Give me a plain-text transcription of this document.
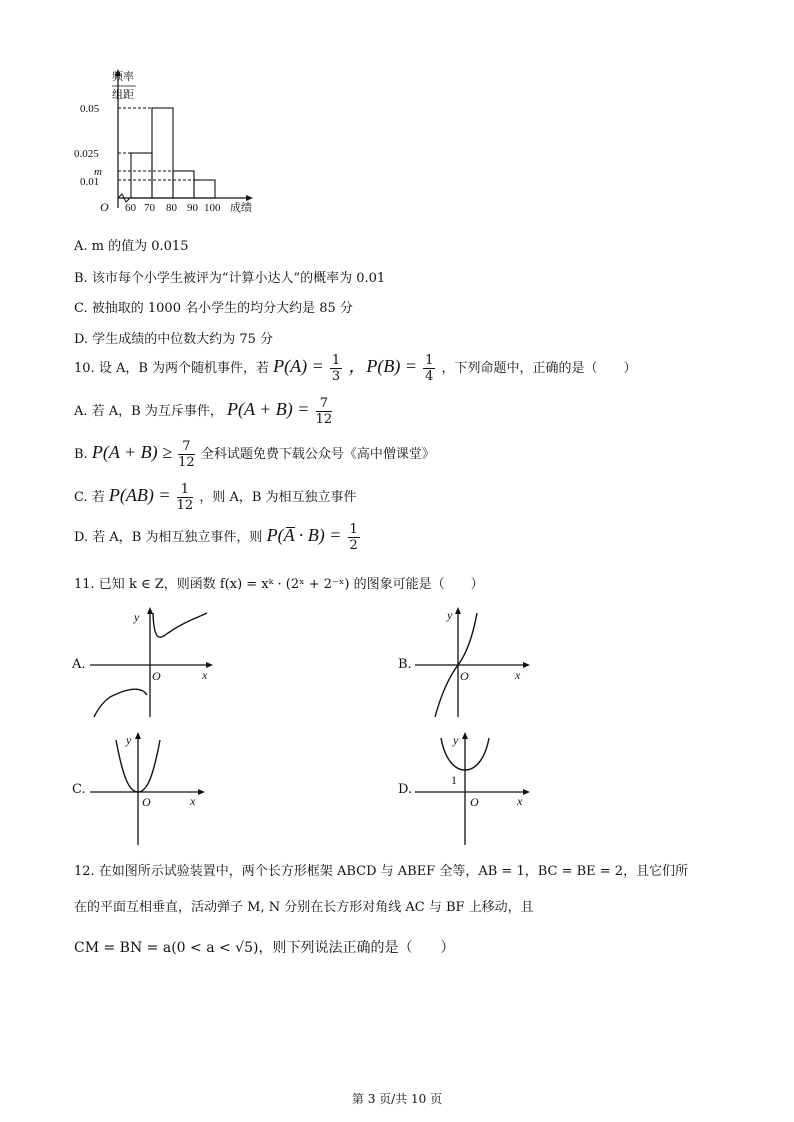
频率
组距
0.05
0.025
m
0.01
O 60 70 80 90 100 成绩
A. m 的值为 0.015
B. 该市每个小学生被评为“计算小达人”的概率为 0.01
C. 被抽取的 1000 名小学生的均分大约是 85 分
D. 学生成绩的中位数大约为 75 分
10. 设 A，B 为两个随机事件，若 $P(A) = \frac{1}{3}$ ，$P(B) = \frac{1}{4}$ ，下列命题中，正确的是（　　）
A. 若 A，B 为互斥事件， $P(A + B) = \frac{7}{12}$
B. $P(A + B) \ge \frac{7}{12}$ 全科试题免费下载公众号《高中僧课堂》
C. 若 $P(AB) = \frac{1}{12}$ ，则 A，B 为相互独立事件
D. 若 A，B 为相互独立事件，则 P(A̅ · $B) = \frac{1}{2}$
11. 已知 k ∈ Z，则函数 f(x) = xᵏ · (2ˣ + 2⁻ˣ) 的图象可能是（　　）
A.
y
O	x
B.
y
O	x
C.
y
O	x
D.
y
1
O	x
12. 在如图所示试验装置中，两个长方形框架 ABCD 与 ABEF 全等，AB = 1，BC = BE = 2，且它们所
在的平面互相垂直，活动弹子 M, N 分别在长方形对角线 AC 与 BF 上移动，且
CM = BN = a(0 < a < √5)，则下列说法正确的是（　　）
第 3 页/共 10 页
